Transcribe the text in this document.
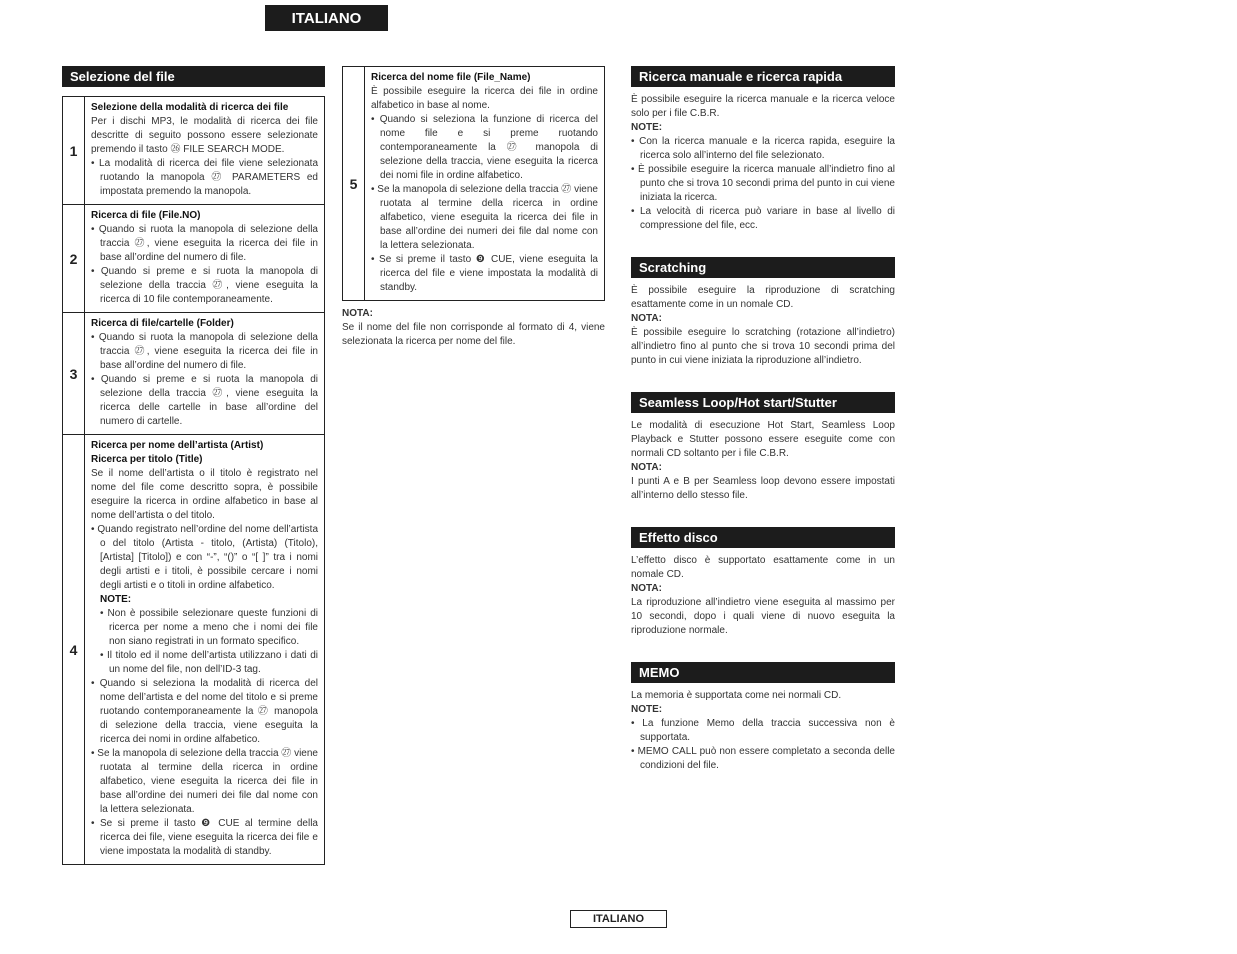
ITALIANO
Selezione del file
1
Selezione della modalità di ricerca dei file
Per i dischi MP3, le modalità di ricerca dei file descritte di seguito possono essere selezionate premendo il tasto ㉖ FILE SEARCH MODE.
• La modalità di ricerca dei file viene selezionata ruotando la manopola ㉗ PARAMETERS ed impostata premendo la manopola.
2
Ricerca di file (File.NO)
• Quando si ruota la manopola di selezione della traccia ㉗, viene eseguita la ricerca dei file in base all’ordine del numero di file.
• Quando si preme e si ruota la manopola di selezione della traccia ㉗, viene eseguita la ricerca di 10 file contemporaneamente.
3
Ricerca di file/cartelle (Folder)
• Quando si ruota la manopola di selezione della traccia ㉗, viene eseguita la ricerca dei file in base all’ordine del numero di file.
• Quando si preme e si ruota la manopola di selezione della traccia ㉗, viene eseguita la ricerca delle cartelle in base all’ordine del numero di cartelle.
4
Ricerca per nome dell’artista (Artist)
Ricerca per titolo (Title)
Se il nome dell’artista o il titolo è registrato nel nome del file come descritto sopra, è possibile eseguire la ricerca in ordine alfabetico in base al nome dell’artista o del titolo.
• Quando registrato nell’ordine del nome dell’artista o del titolo (Artista - titolo, (Artista) (Titolo), [Artista] [Titolo]) e con “-”, “()” o “[ ]” tra i nomi degli artisti e i titoli, è possibile cercare i nomi degli artisti e o titoli in ordine alfabetico.
NOTE:
• Non è possibile selezionare queste funzioni di ricerca per nome a meno che i nomi dei file non siano registrati in un formato specifico.
• Il titolo ed il nome dell’artista utilizzano i dati di un nome del file, non dell’ID-3 tag.
• Quando si seleziona la modalità di ricerca del nome dell’artista e del nome del titolo e si preme ruotando contemporaneamente la ㉗ manopola di selezione della traccia, viene eseguita la ricerca dei nomi in ordine alfabetico.
• Se la manopola di selezione della traccia ㉗ viene ruotata al termine della ricerca in ordine alfabetico, viene eseguita la ricerca dei file in base all’ordine dei numeri dei file dal nome con la lettera selezionata.
• Se si preme il tasto ❾ CUE al termine della ricerca dei file, viene eseguita la ricerca dei file e viene impostata la modalità di standby.
5
Ricerca del nome file (File_Name)
È possibile eseguire la ricerca dei file in ordine alfabetico in base al nome.
• Quando si seleziona la funzione di ricerca del nome file e si preme ruotando contemporaneamente la ㉗ manopola di selezione della traccia, viene eseguita la ricerca dei nomi file in ordine alfabetico.
• Se la manopola di selezione della traccia ㉗ viene ruotata al termine della ricerca in ordine alfabetico, viene eseguita la ricerca dei file in base all’ordine dei numeri dei file dal nome con la lettera selezionata.
• Se si preme il tasto ❾ CUE, viene eseguita la ricerca del file e viene impostata la modalità di standby.
NOTA:
Se il nome del file non corrisponde al formato di 4, viene selezionata la ricerca per nome del file.
Ricerca manuale e ricerca rapida
È possibile eseguire la ricerca manuale e la ricerca veloce solo per i file C.B.R.
NOTE:
• Con la ricerca manuale e la ricerca rapida, eseguire la ricerca solo all’interno del file selezionato.
• È possibile eseguire la ricerca manuale all’indietro fino al punto che si trova 10 secondi prima del punto in cui viene iniziata la ricerca.
• La velocità di ricerca può variare in base al livello di compressione del file, ecc.
Scratching
È possibile eseguire la riproduzione di scratching esattamente come in un nomale CD.
NOTA:
È possibile eseguire lo scratching (rotazione all’indietro) all’indietro fino al punto che si trova 10 secondi prima del punto in cui viene iniziata la riproduzione all’indietro.
Seamless Loop/Hot start/Stutter
Le modalità di esecuzione Hot Start, Seamless Loop Playback e Stutter possono essere eseguite come con normali CD soltanto per i file C.B.R.
NOTA:
I punti A e B per Seamless loop devono essere impostati all’interno dello stesso file.
Effetto disco
L’effetto disco è supportato esattamente come in un nomale CD.
NOTA:
La riproduzione all’indietro viene eseguita al massimo per 10 secondi, dopo i quali viene di nuovo eseguita la riproduzione normale.
MEMO
La memoria è supportata come nei normali CD.
NOTE:
• La funzione Memo della traccia successiva non è supportata.
• MEMO CALL può non essere completato a seconda delle condizioni del file.
ITALIANO
